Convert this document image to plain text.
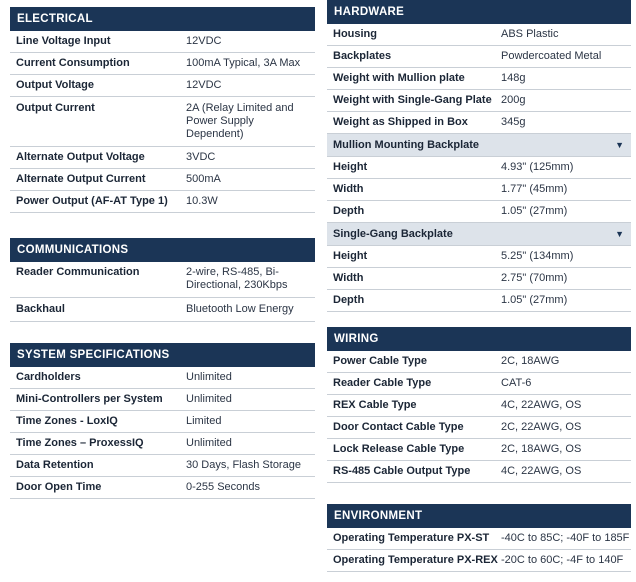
ELECTRICAL
Line Voltage Input	12VDC
Current Consumption	100mA Typical, 3A Max
Output Voltage	12VDC
Output Current	2A (Relay Limited and Power Supply Dependent)
Alternate Output Voltage	3VDC
Alternate Output Current	500mA
Power Output (AF-AT Type 1)	10.3W
COMMUNICATIONS
Reader Communication	2-wire, RS-485, Bi-Directional, 230Kbps
Backhaul	Bluetooth Low Energy
SYSTEM SPECIFICATIONS
Cardholders	Unlimited
Mini-Controllers per System	Unlimited
Time Zones - LoxIQ	Limited
Time Zones – ProxessIQ	Unlimited
Data Retention	30 Days, Flash Storage
Door Open Time	0-255 Seconds
HARDWARE
Housing	ABS Plastic
Backplates	Powdercoated Metal
Weight with Mullion plate	148g
Weight with Single-Gang Plate 200g
Weight as Shipped in Box	345g
Mullion Mounting Backplate	▼
Height	4.93" (125mm)
Width	1.77" (45mm)
Depth	1.05" (27mm)
Single-Gang Backplate	▼
Height	5.25" (134mm)
Width	2.75" (70mm)
Depth	1.05" (27mm)
WIRING
Power Cable Type	2C, 18AWG
Reader Cable Type	CAT-6
REX Cable Type	4C, 22AWG, OS
Door Contact Cable Type	2C, 22AWG, OS
Lock Release Cable Type	2C, 18AWG, OS
RS-485 Cable Output Type	4C, 22AWG, OS
ENVIRONMENT
Operating Temperature PX-ST	-40C to 85C; -40F to 185F
Operating Temperature PX-REX -20C to 60C; -4F to 140F
